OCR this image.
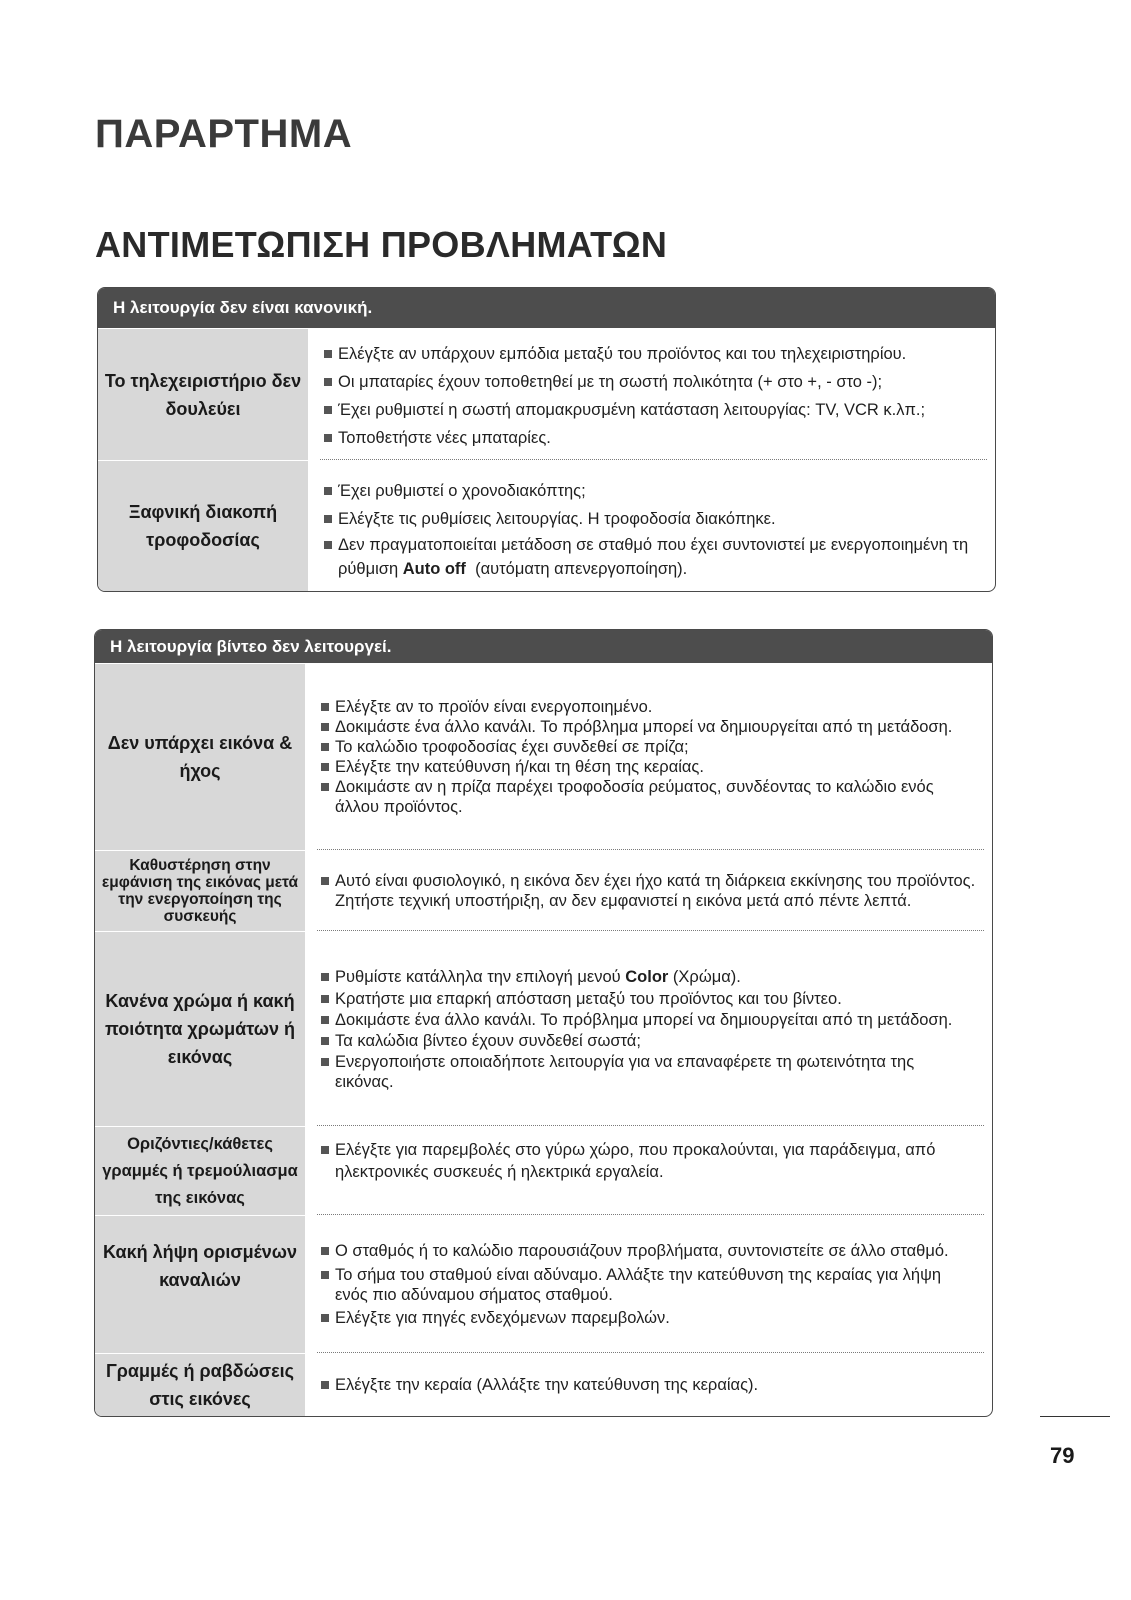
ΠΑΡΑΡΤΗΜΑ
ΑΝΤΙΜΕΤΩΠΙΣΗ ΠΡΟΒΛΗΜΑΤΩΝ
Η λειτουργία δεν είναι κανονική.
Το τηλεχειριστήριο δεν δουλεύει
Ελέγξτε αν υπάρχουν εμπόδια μεταξύ του προϊόντος και του τηλεχειριστηρίου.
Οι μπαταρίες έχουν τοποθετηθεί με τη σωστή πολικότητα (+ στο +, - στο -);
Έχει ρυθμιστεί η σωστή απομακρυσμένη κατάσταση λειτουργίας: TV, VCR κ.λπ.;
Τοποθετήστε νέες μπαταρίες.
Ξαφνική διακοπή τροφοδοσίας
Έχει ρυθμιστεί ο χρονοδιακόπτης;
Ελέγξτε τις ρυθμίσεις λειτουργίας. Η τροφοδοσία διακόπηκε.
Δεν πραγματοποιείται μετάδοση σε σταθμό που έχει συντονιστεί με ενεργοποιημένη τη ρύθμιση Auto off  (αυτόματη απενεργοποίηση).
Η λειτουργία βίντεο δεν λειτουργεί.
Δεν υπάρχει εικόνα & ήχος
Ελέγξτε αν το προϊόν είναι ενεργοποιημένο.
Δοκιμάστε ένα άλλο κανάλι. Το πρόβλημα μπορεί να δημιουργείται από τη μετάδοση.
Το καλώδιο τροφοδοσίας έχει συνδεθεί σε πρίζα;
Ελέγξτε την κατεύθυνση ή/και τη θέση της κεραίας.
Δοκιμάστε αν η πρίζα παρέχει τροφοδοσία ρεύματος, συνδέοντας το καλώδιο ενός άλλου προϊόντος.
Καθυστέρηση στην εμφάνιση της εικόνας μετά την ενεργοποίηση της συσκευής
Αυτό είναι φυσιολογικό, η εικόνα δεν έχει ήχο κατά τη διάρκεια εκκίνησης του προϊόντος. Ζητήστε τεχνική υποστήριξη, αν δεν εμφανιστεί η εικόνα μετά από πέντε λεπτά.
Κανένα χρώμα ή κακή ποιότητα χρωμάτων ή εικόνας
Ρυθμίστε κατάλληλα την επιλογή μενού Color (Χρώμα).
Κρατήστε μια επαρκή απόσταση μεταξύ του προϊόντος και του βίντεο.
Δοκιμάστε ένα άλλο κανάλι. Το πρόβλημα μπορεί να δημιουργείται από τη μετάδοση.
Τα καλώδια βίντεο έχουν συνδεθεί σωστά;
Ενεργοποιήστε οποιαδήποτε λειτουργία για να επαναφέρετε τη φωτεινότητα της εικόνας.
Οριζόντιες/κάθετες γραμμές ή τρεμούλιασμα της εικόνας
Ελέγξτε για παρεμβολές στο γύρω χώρο, που προκαλούνται, για παράδειγμα, από ηλεκτρονικές συσκευές ή ηλεκτρικά εργαλεία.
Κακή λήψη ορισμένων καναλιών
Ο σταθμός ή το καλώδιο παρουσιάζουν προβλήματα, συντονιστείτε σε άλλο σταθμό.
Το σήμα του σταθμού είναι αδύναμο. Αλλάξτε την κατεύθυνση της κεραίας για λήψη ενός πιο αδύναμου σήματος σταθμού.
Ελέγξτε για πηγές ενδεχόμενων παρεμβολών.
Γραμμές ή ραβδώσεις στις εικόνες
Ελέγξτε την κεραία (Αλλάξτε την κατεύθυνση της κεραίας).
79
